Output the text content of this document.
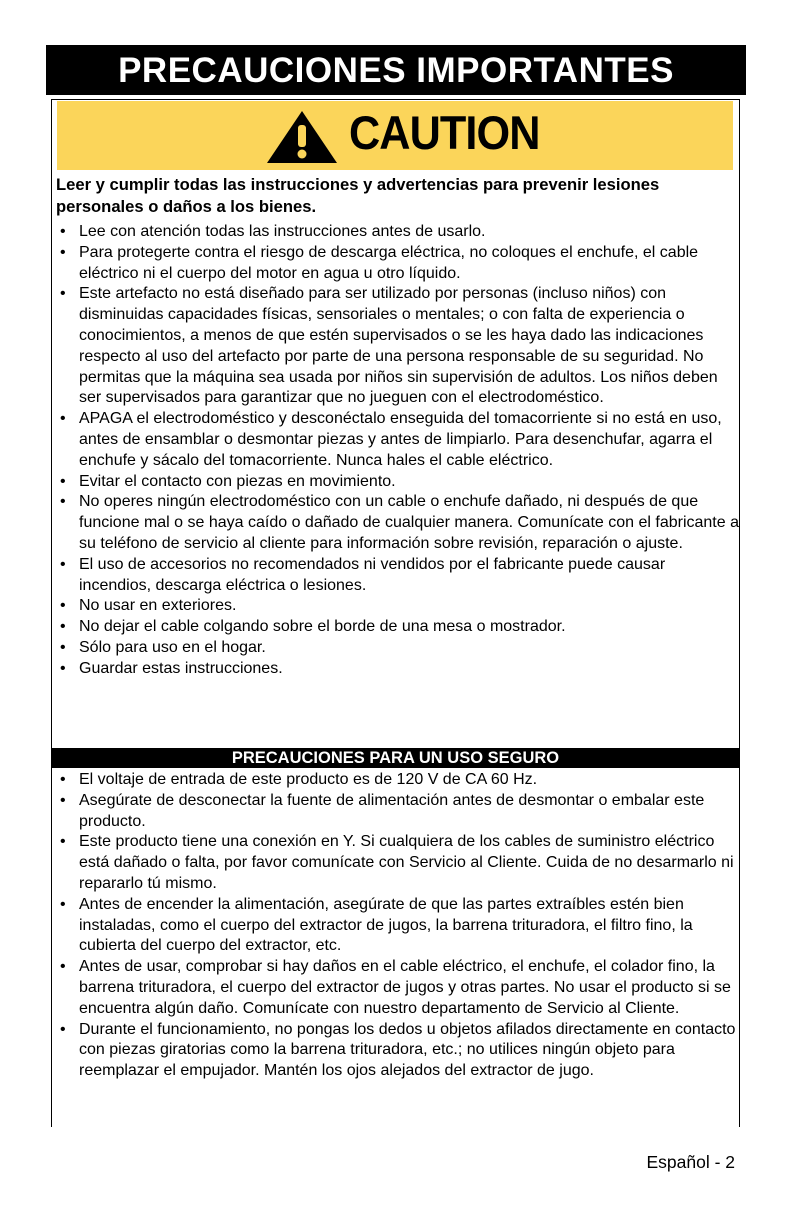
PRECAUCIONES IMPORTANTES
CAUTION
Leer y cumplir todas las instrucciones y advertencias para prevenir lesiones personales o daños a los bienes.
• Lee con atención todas las instrucciones antes de usarlo.
• Para protegerte contra el riesgo de descarga eléctrica, no coloques el enchufe, el cable eléctrico ni el cuerpo del motor en agua u otro líquido.
• Este artefacto no está diseñado para ser utilizado por personas (incluso niños) con disminuidas capacidades físicas, sensoriales o mentales; o con falta de experiencia o conocimientos, a menos de que estén supervisados o se les haya dado las indicaciones respecto al uso del artefacto por parte de una persona responsable de su seguridad. No permitas que la máquina sea usada por niños sin supervisión de adultos. Los niños deben ser supervisados para garantizar que no jueguen con el electrodoméstico.
• APAGA el electrodoméstico y desconéctalo enseguida del tomacorriente si no está en uso, antes de ensamblar o desmontar piezas y antes de limpiarlo. Para desenchufar, agarra el enchufe y sácalo del tomacorriente. Nunca hales el cable eléctrico.
• Evitar el contacto con piezas en movimiento.
• No operes ningún electrodoméstico con un cable o enchufe dañado, ni después de que funcione mal o se haya caído o dañado de cualquier manera. Comunícate con el fabricante a su teléfono de servicio al cliente para información sobre revisión, reparación o ajuste.
• El uso de accesorios no recomendados ni vendidos por el fabricante puede causar incendios, descarga eléctrica o lesiones.
• No usar en exteriores.
• No dejar el cable colgando sobre el borde de una mesa o mostrador.
• Sólo para uso en el hogar.
• Guardar estas instrucciones.
PRECAUCIONES PARA UN USO SEGURO
• El voltaje de entrada de este producto es de 120 V de CA 60 Hz.
• Asegúrate de desconectar la fuente de alimentación antes de desmontar o embalar este producto.
• Este producto tiene una conexión en Y. Si cualquiera de los cables de suministro eléctrico está dañado o falta, por favor comunícate con Servicio al Cliente. Cuida de no desarmarlo ni repararlo tú mismo.
• Antes de encender la alimentación, asegúrate de que las partes extraíbles estén bien instaladas, como el cuerpo del extractor de jugos, la barrena trituradora, el filtro fino, la cubierta del cuerpo del extractor, etc.
• Antes de usar, comprobar si hay daños en el cable eléctrico, el enchufe, el colador fino, la barrena trituradora, el cuerpo del extractor de jugos y otras partes. No usar el producto si se encuentra algún daño. Comunícate con nuestro departamento de Servicio al Cliente.
• Durante el funcionamiento, no pongas los dedos u objetos afilados directamente en contacto con piezas giratorias como la barrena trituradora, etc.; no utilices ningún objeto para reemplazar el empujador. Mantén los ojos alejados del extractor de jugo.
Español - 2
